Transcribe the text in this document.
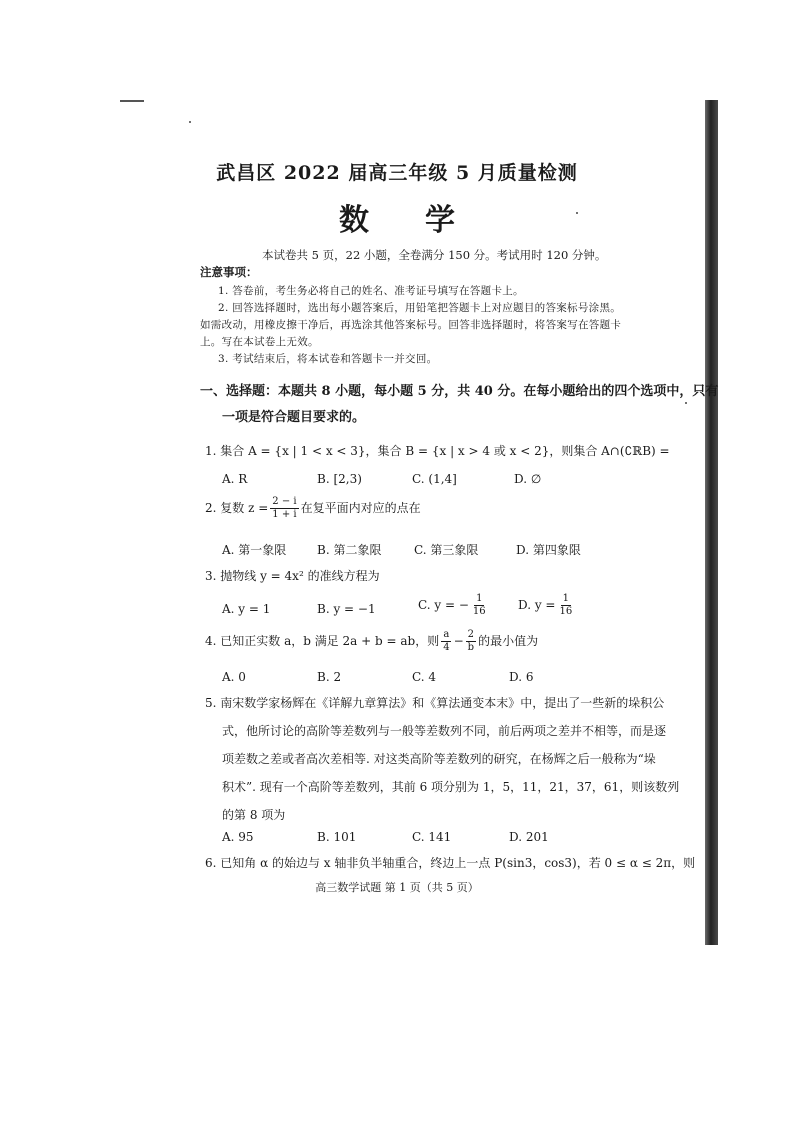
武昌区 2022 届高三年级 5 月质量检测
数学
本试卷共 5 页，22 小题，全卷满分 150 分。考试用时 120 分钟。
注意事项：
1. 答卷前，考生务必将自己的姓名、准考证号填写在答题卡上。
2. 回答选择题时，选出每小题答案后，用铅笔把答题卡上对应题目的答案标号涂黑。
如需改动，用橡皮擦干净后，再选涂其他答案标号。回答非选择题时，将答案写在答题卡
上。写在本试卷上无效。
3. 考试结束后，将本试卷和答题卡一并交回。
一、选择题：本题共 8 小题，每小题 5 分，共 40 分。在每小题给出的四个选项中，只有
一项是符合题目要求的。
1. 集合 A = {x | 1 < x < 3}，集合 B = {x | x > 4 或 x < 2}，则集合 A∩(∁ℝB) =
A. R	B. [2,3)	C. (1,4]	D. ∅
2. 复数 $z = \frac{2 - i}{1 + i}$ 在复平面内对应的点在
A. 第一象限	B. 第二象限	C. 第三象限	D. 第四象限
3. 抛物线 y = 4x² 的准线方程为
A. y = 1	B. y = −1	C. y = − $\frac{1}{16}$	D. $y = \frac{1}{16}$
4. 已知正实数 a，b 满足 2a + b = ab，则 $\frac{a}{4} - \frac{2}{b}$ 的最小值为
A. 0	B. 2	C. 4	D. 6
5. 南宋数学家杨辉在《详解九章算法》和《算法通变本末》中，提出了一些新的垛积公
式，他所讨论的高阶等差数列与一般等差数列不同，前后两项之差并不相等，而是逐
项差数之差或者高次差相等. 对这类高阶等差数列的研究，在杨辉之后一般称为“垛
积术”. 现有一个高阶等差数列，其前 6 项分别为 1，5，11，21，37，61，则该数列
的第 8 项为
A. 95	B. 101	C. 141	D. 201
6. 已知角 α 的始边与 x 轴非负半轴重合，终边上一点 P(sin3，cos3)，若 0 ≤ α ≤ 2π，则
高三数学试题 第 1 页（共 5 页）
